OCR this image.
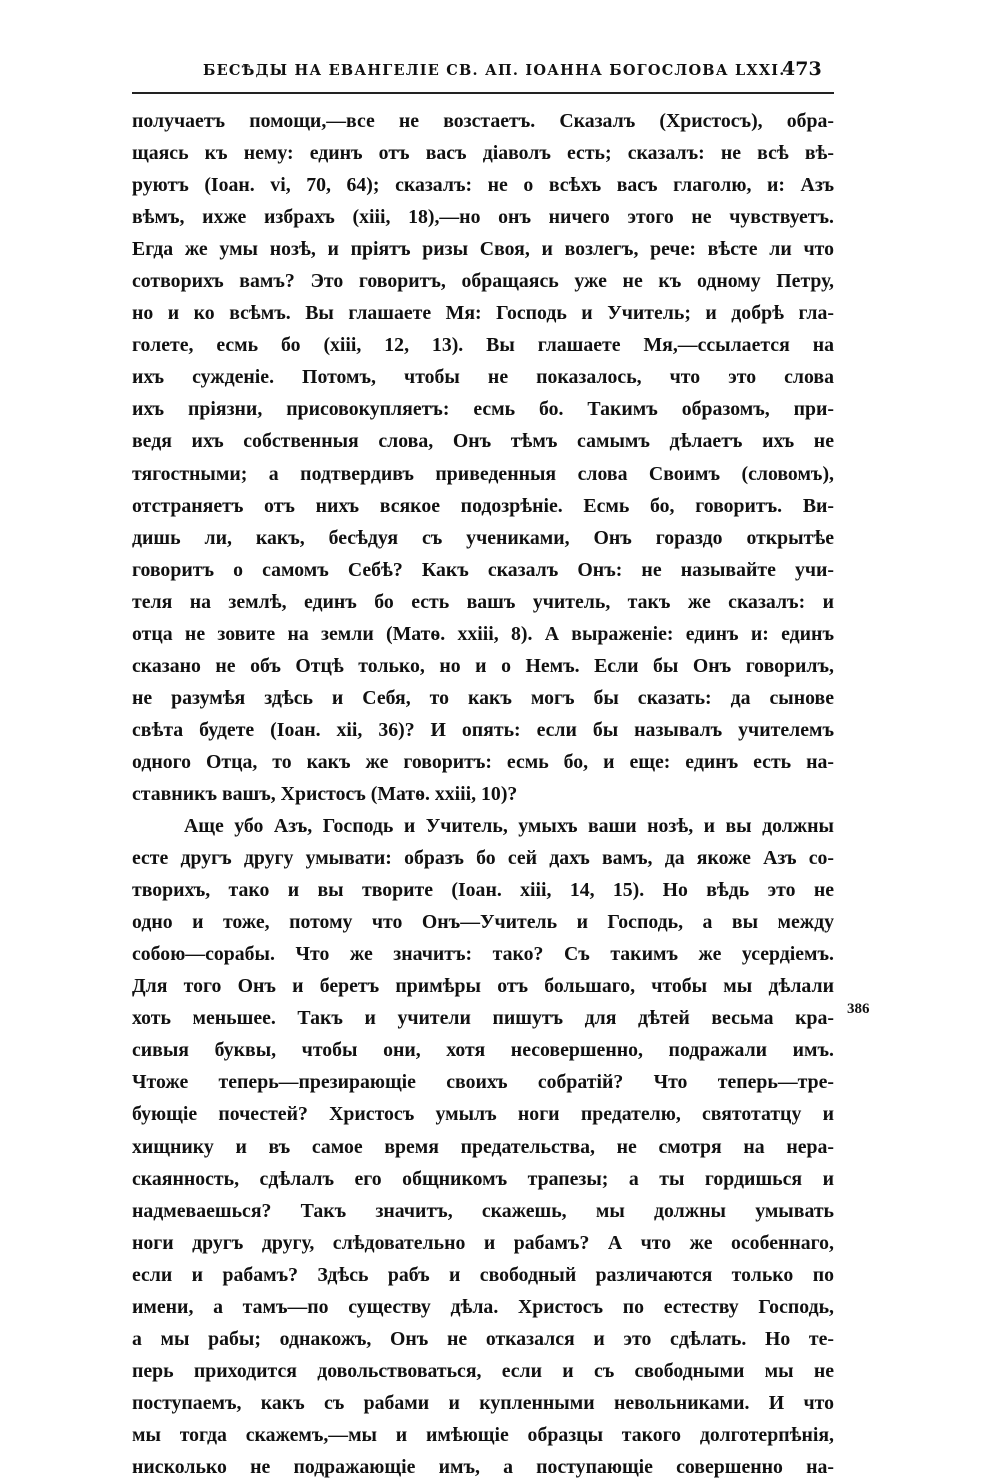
БЕСѢДЫ НА ЕВАНГЕЛІЕ СВ. АП. ІОАННА БОГОСЛОВА LXXI.
473
получаетъ помощи,—все не возстаетъ. Сказалъ (Христосъ), обра-
щаясь къ нему: единъ отъ васъ діаволъ есть; сказалъ: не всѣ вѣ-
руютъ (Іоан. vi, 70, 64); сказалъ: не о всѣхъ васъ глаголю, и: Азъ
вѣмъ, ихже избрахъ (xiii, 18),—но онъ ничего этого не чувствуетъ.
Егда же умы нозѣ, и пріятъ ризы Своя, и возлегъ, рече: вѣсте ли что
сотворихъ вамъ? Это говоритъ, обращаясь уже не къ одному Петру,
но и ко всѣмъ. Вы глашаете Мя: Господь и Учитель; и добрѣ гла-
голете, есмь бо (xiii, 12, 13). Вы глашаете Мя,—ссылается на
ихъ сужденіе. Потомъ, чтобы не показалось, что это слова
ихъ пріязни, присовокупляетъ: есмь бо. Такимъ образомъ, при-
ведя ихъ собственныя слова, Онъ тѣмъ самымъ дѣлаетъ ихъ не
тягостными; а подтвердивъ приведенныя слова Своимъ (словомъ),
отстраняетъ отъ нихъ всякое подозрѣніе. Есмь бо, говоритъ. Ви-
дишь ли, какъ, бесѣдуя съ учениками, Онъ гораздо открытѣе
говоритъ о самомъ Себѣ? Какъ сказалъ Онъ: не называйте учи-
теля на землѣ, единъ бо есть вашъ учитель, такъ же сказалъ: и
отца не зовите на земли (Матѳ. xxiii, 8). А выраженіе: единъ и: единъ
сказано не объ Отцѣ только, но и о Немъ. Если бы Онъ говорилъ,
не разумѣя здѣсь и Себя, то какъ могъ бы сказать: да сынове
свѣта будете (Іоан. xii, 36)? И опять: если бы называлъ учителемъ
одного Отца, то какъ же говоритъ: есмь бо, и еще: единъ есть на-
ставникъ вашъ, Христосъ (Матѳ. xxiii, 10)?
Аще убо Азъ, Господь и Учитель, умыхъ ваши нозѣ, и вы должны
есте другъ другу умывати: образъ бо сей дахъ вамъ, да якоже Азъ со-
творихъ, тако и вы творите (Іоан. xiii, 14, 15). Но вѣдь это не
одно и тоже, потому что Онъ—Учитель и Господь, а вы между
собою—сорабы. Что же значитъ: тако? Съ такимъ же усердіемъ.
Для того Онъ и беретъ примѣры отъ большаго, чтобы мы дѣлали
хоть меньшее. Такъ и учители пишутъ для дѣтей весьма кра-
сивыя буквы, чтобы они, хотя несовершенно, подражали имъ.
Чтоже теперь—презирающіе своихъ собратій? Что теперь—тре-
бующіе почестей? Христосъ умылъ ноги предателю, святотатцу и
хищнику и въ самое время предательства, не смотря на нера-
скаянность, сдѣлалъ его общникомъ трапезы; а ты гордишься и
надмеваешься? Такъ значитъ, скажешь, мы должны умывать
ноги другъ другу, слѣдовательно и рабамъ? А что же особеннаго,
если и рабамъ? Здѣсь рабъ и свободный различаются только по
имени, а тамъ—по существу дѣла. Христосъ по естеству Господь,
а мы рабы; однакожъ, Онъ не отказался и это сдѣлать. Но те-
перь приходится довольствоваться, если и съ свободными мы не
поступаемъ, какъ съ рабами и купленными невольниками. И что
мы тогда скажемъ,—мы и имѣющіе образцы такого долготерпѣнія,
нисколько не подражающіе имъ, а поступающіе совершенно на-
386
